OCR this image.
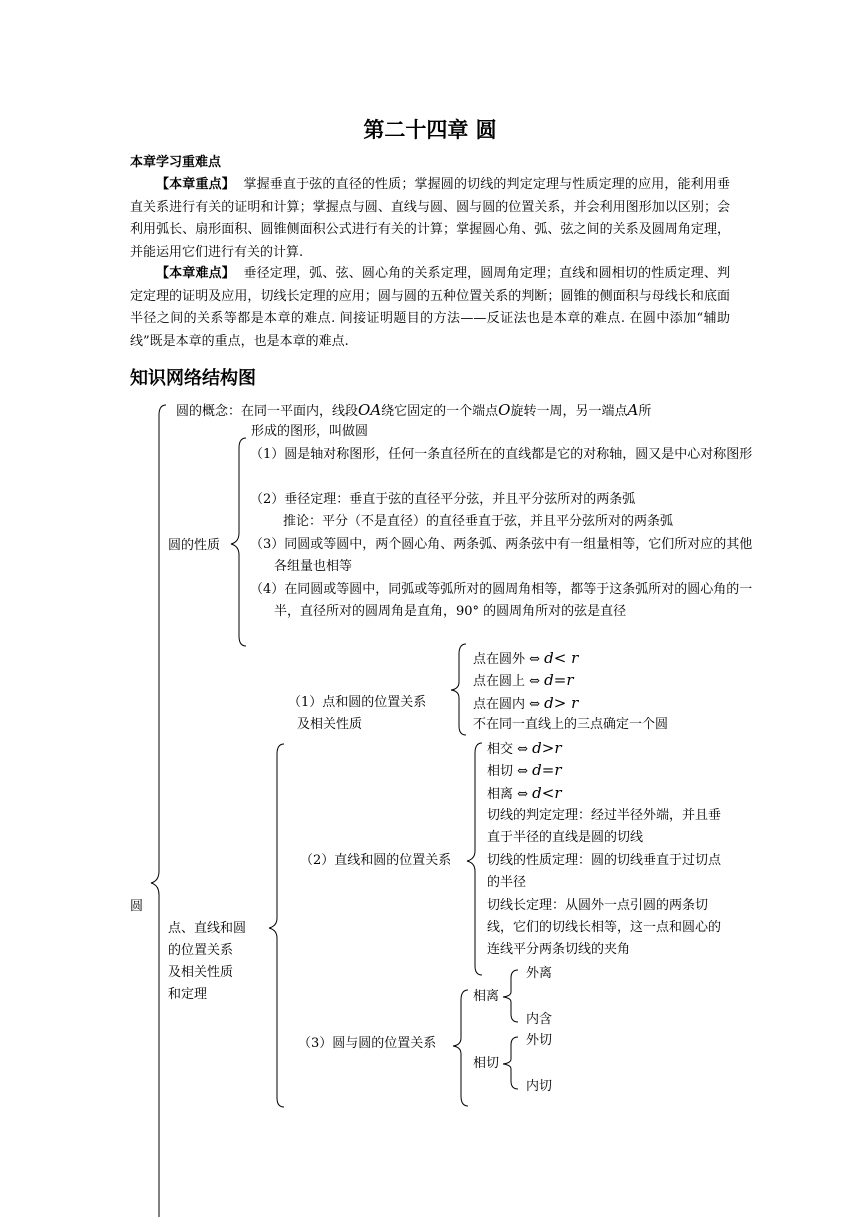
第二十四章 圆
本章学习重难点
【本章重点】 掌握垂直于弦的直径的性质；掌握圆的切线的判定定理与性质定理的应用，能利用垂直关系进行有关的证明和计算；掌握点与圆、直线与圆、圆与圆的位置关系，并会利用图形加以区别；会利用弧长、扇形面积、圆锥侧面积公式进行有关的计算；掌握圆心角、弧、弦之间的关系及圆周角定理，并能运用它们进行有关的计算.
【本章难点】 垂径定理，弧、弦、圆心角的关系定理，圆周角定理；直线和圆相切的性质定理、判定定理的证明及应用，切线长定理的应用；圆与圆的五种位置关系的判断；圆锥的侧面积与母线长和底面半径之间的关系等都是本章的难点. 间接证明题目的方法——反证法也是本章的难点. 在圆中添加“辅助线”既是本章的重点，也是本章的难点.
知识网络结构图
圆
圆的概念：在同一平面内，线段OA绕它固定的一个端点O旋转一周，另一端点A所
形成的图形，叫做圆
圆的性质
（1）圆是轴对称图形，任何一条直径所在的直线都是它的对称轴，圆又是中心对称图形
（2）垂径定理：垂直于弦的直径平分弦，并且平分弦所对的两条弧
推论：平分（不是直径）的直径垂直于弦，并且平分弦所对的两条弧
（3）同圆或等圆中，两个圆心角、两条弧、两条弦中有一组量相等，它们所对应的其他各组量也相等
（4）在同圆或等圆中，同弧或等弧所对的圆周角相等，都等于这条弧所对的圆心角的一半，直径所对的圆周角是直角，90° 的圆周角所对的弦是直径
点、直线和圆
的位置关系
及相关性质
和定理
（1）点和圆的位置关系
及相关性质
点在圆外 ⇔ d< r
点在圆上 ⇔ d=r
点在圆内 ⇔ d> r
不在同一直线上的三点确定一个圆
（2）直线和圆的位置关系
相交 ⇔ d>r
相切 ⇔ d=r
相离 ⇔ d<r
切线的判定定理：经过半径外端，并且垂直于半径的直线是圆的切线
切线的性质定理：圆的切线垂直于过切点的半径
切线长定理：从圆外一点引圆的两条切线，它们的切线长相等，这一点和圆心的连线平分两条切线的夹角
（3）圆与圆的位置关系
相离
外离
内含
相切
外切
内切
